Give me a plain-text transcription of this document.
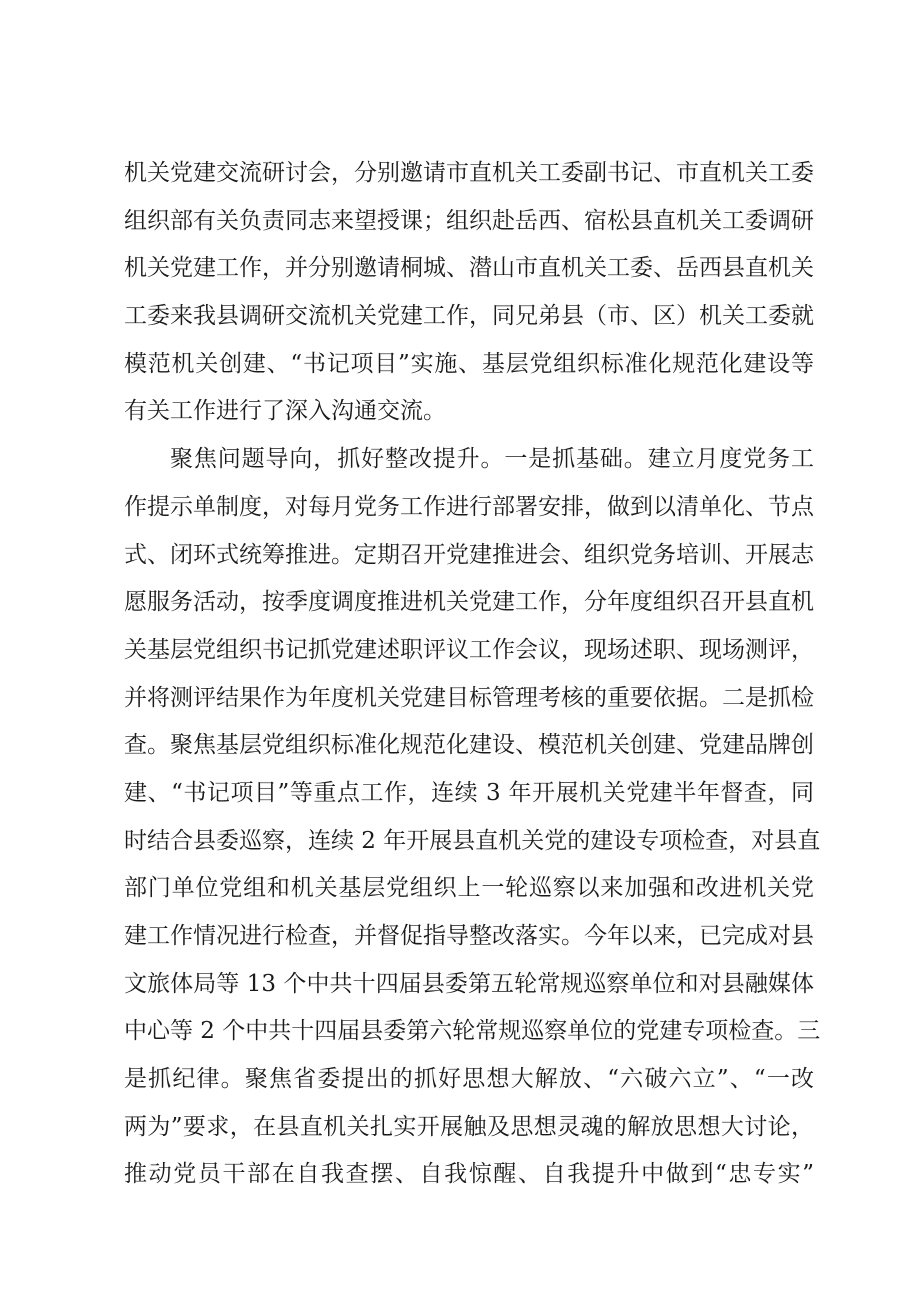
机关党建交流研讨会，分别邀请市直机关工委副书记、市直机关工委
组织部有关负责同志来望授课；组织赴岳西、宿松县直机关工委调研
机关党建工作，并分别邀请桐城、潜山市直机关工委、岳西县直机关
工委来我县调研交流机关党建工作，同兄弟县（市、区）机关工委就
模范机关创建、“书记项目”实施、基层党组织标准化规范化建设等
有关工作进行了深入沟通交流。
聚焦问题导向，抓好整改提升。一是抓基础。建立月度党务工
作提示单制度，对每月党务工作进行部署安排，做到以清单化、节点
式、闭环式统筹推进。定期召开党建推进会、组织党务培训、开展志
愿服务活动，按季度调度推进机关党建工作，分年度组织召开县直机
关基层党组织书记抓党建述职评议工作会议，现场述职、现场测评，
并将测评结果作为年度机关党建目标管理考核的重要依据。二是抓检
查。聚焦基层党组织标准化规范化建设、模范机关创建、党建品牌创
建、“书记项目”等重点工作，连续 3 年开展机关党建半年督查，同
时结合县委巡察，连续 2 年开展县直机关党的建设专项检查，对县直
部门单位党组和机关基层党组织上一轮巡察以来加强和改进机关党
建工作情况进行检查，并督促指导整改落实。今年以来，已完成对县
文旅体局等 13 个中共十四届县委第五轮常规巡察单位和对县融媒体
中心等 2 个中共十四届县委第六轮常规巡察单位的党建专项检查。三
是抓纪律。聚焦省委提出的抓好思想大解放、“六破六立”、“一改
两为”要求，在县直机关扎实开展触及思想灵魂的解放思想大讨论，
推动党员干部在自我查摆、自我惊醒、自我提升中做到“忠专实”
